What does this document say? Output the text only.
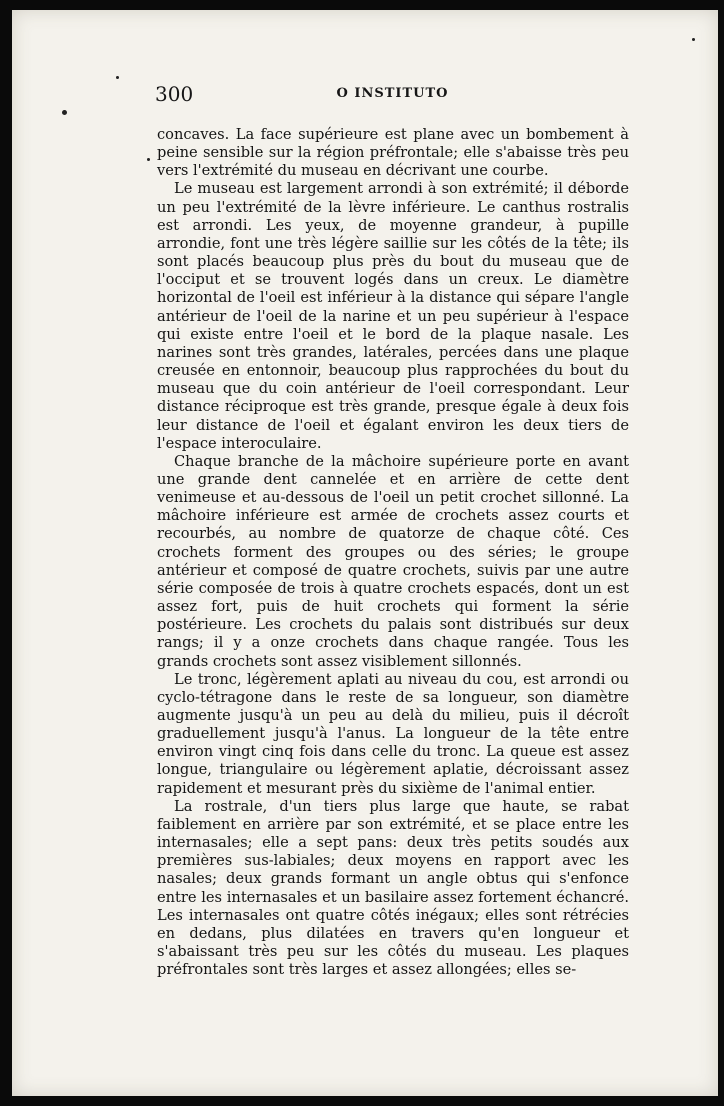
300	O INSTITUTO

concaves. La face supérieure est plane avec un bombement à peine sensible sur la région préfrontale; elle s'abaisse très peu vers l'extrémité du museau en décrivant une courbe.

Le museau est largement arrondi à son extrémité; il déborde un peu l'extrémité de la lèvre inférieure. Le canthus rostralis est arrondi. Les yeux, de moyenne grandeur, à pupille arrondie, font une très légère saillie sur les côtés de la tête; ils sont placés beaucoup plus près du bout du museau que de l'occiput et se trouvent logés dans un creux. Le diamètre horizontal de l'oeil est inférieur à la distance qui sépare l'angle antérieur de l'oeil de la narine et un peu supérieur à l'espace qui existe entre l'oeil et le bord de la plaque nasale. Les narines sont très grandes, latérales, percées dans une plaque creusée en entonnoir, beaucoup plus rapprochées du bout du museau que du coin antérieur de l'oeil correspondant. Leur distance réciproque est très grande, presque égale à deux fois leur distance de l'oeil et égalant environ les deux tiers de l'espace interoculaire.

Chaque branche de la mâchoire supérieure porte en avant une grande dent cannelée et en arrière de cette dent venimeuse et au-dessous de l'oeil un petit crochet sillonné. La mâchoire inférieure est armée de crochets assez courts et recourbés, au nombre de quatorze de chaque côté. Ces crochets forment des groupes ou des séries; le groupe antérieur et composé de quatre crochets, suivis par une autre série composée de trois à quatre crochets espacés, dont un est assez fort, puis de huit crochets qui forment la série postérieure. Les crochets du palais sont distribués sur deux rangs; il y a onze crochets dans chaque rangée. Tous les grands crochets sont assez visiblement sillonnés.

Le tronc, légèrement aplati au niveau du cou, est arrondi ou cyclo-tétragone dans le reste de sa longueur, son diamètre augmente jusqu'à un peu au delà du milieu, puis il décroît graduellement jusqu'à l'anus. La longueur de la tête entre environ vingt cinq fois dans celle du tronc. La queue est assez longue, triangulaire ou légèrement aplatie, décroissant assez rapidement et mesurant près du sixième de l'animal entier.

La rostrale, d'un tiers plus large que haute, se rabat faiblement en arrière par son extrémité, et se place entre les internasales; elle a sept pans: deux très petits soudés aux premières sus-labiales; deux moyens en rapport avec les nasales; deux grands formant un angle obtus qui s'enfonce entre les internasales et un basilaire assez fortement échancré. Les internasales ont quatre côtés inégaux; elles sont rétrécies en dedans, plus dilatées en travers qu'en longueur et s'abaissant très peu sur les côtés du museau. Les plaques préfrontales sont très larges et assez allongées; elles se-
